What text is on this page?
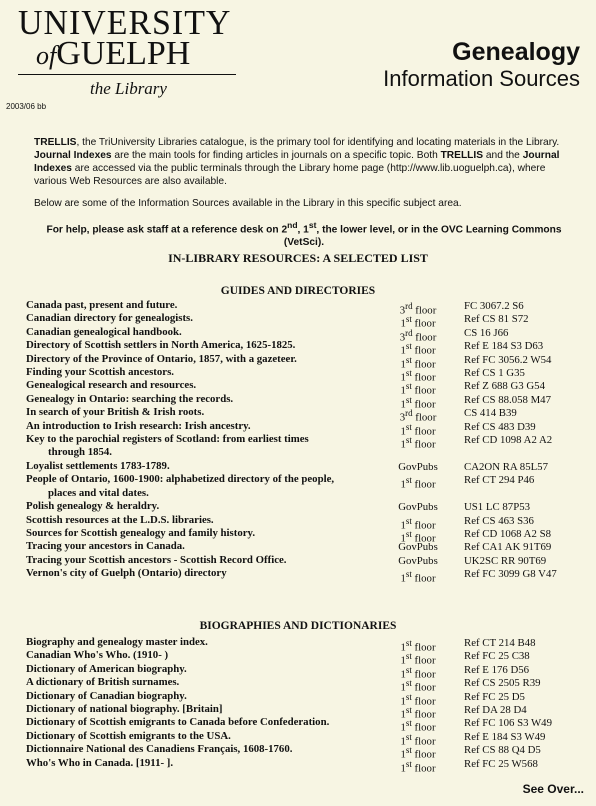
UNIVERSITY
ofGUELPH
the Library
2003/06 bb
Genealogy
Information Sources

TRELLIS, the TriUniversity Libraries catalogue, is the primary tool for identifying and locating materials in the Library. Journal Indexes are the main tools for finding articles in journals on a specific topic. Both TRELLIS and the Journal Indexes are accessed via the public terminals through the Library home page (http://www.lib.uoguelph.ca), where various Web Resources are also available.

Below are some of the Information Sources available in the Library in this specific subject area.

For help, please ask staff at a reference desk on 2nd, 1st, the lower level, or in the OVC Learning Commons (VetSci).

IN-LIBRARY RESOURCES: A SELECTED LIST
GUIDES AND DIRECTORIES
Canada past, present and future.	3rd floor	FC 3067.2 S6
Canadian directory for genealogists.	1st floor	Ref CS 81 S72
Canadian genealogical handbook.	3rd floor	CS 16 J66
Directory of Scottish settlers in North America, 1625-1825.	1st floor	Ref E 184 S3 D63
Directory of the Province of Ontario, 1857, with a gazeteer.	1st floor	Ref FC 3056.2 W54
Finding your Scottish ancestors.	1st floor	Ref CS 1 G35
Genealogical research and resources.	1st floor	Ref Z 688 G3 G54
Genealogy in Ontario: searching the records.	1st floor	Ref CS 88.058 M47
In search of your British & Irish roots.	3rd floor	CS 414 B39
An introduction to Irish research: Irish ancestry.	1st floor	Ref CS 483 D39
Key to the parochial registers of Scotland: from earliest times
through 1854.
1st floor	Ref CD 1098 A2 A2
Loyalist settlements 1783-1789.	GovPubs	CA2ON RA 85L57
People of Ontario, 1600-1900: alphabetized directory of the people,
places and vital dates.
1st floor	Ref CT 294 P46
Polish genealogy & heraldry.	GovPubs	US1 LC 87P53
Scottish resources at the L.D.S. libraries.	1st floor	Ref CS 463 S36
Sources for Scottish genealogy and family history.	1st floor	Ref CD 1068 A2 S8
Tracing your ancestors in Canada.	GovPubs	Ref CA1 AK 91T69
Tracing your Scottish ancestors - Scottish Record Office.	GovPubs	UK2SC RR 90T69
Vernon's city of Guelph (Ontario) directory	1st floor	Ref FC 3099 G8 V47
BIOGRAPHIES AND DICTIONARIES
Biography and genealogy master index.	1st floor	Ref CT 214 B48
Canadian Who's Who. (1910- )	1st floor	Ref FC 25 C38
Dictionary of American biography.	1st floor	Ref E 176 D56
A dictionary of British surnames.	1st floor	Ref CS 2505 R39
Dictionary of Canadian biography.	1st floor	Ref FC 25 D5
Dictionary of national biography. [Britain]	1st floor	Ref DA 28 D4
Dictionary of Scottish emigrants to Canada before Confederation.	1st floor	Ref FC 106 S3 W49
Dictionary of Scottish emigrants to the USA.	1st floor	Ref E 184 S3 W49
Dictionnaire National des Canadiens Français, 1608-1760.	1st floor	Ref CS 88 Q4 D5
Who's Who in Canada. [1911- ].	1st floor	Ref FC 25 W568
See Over...
